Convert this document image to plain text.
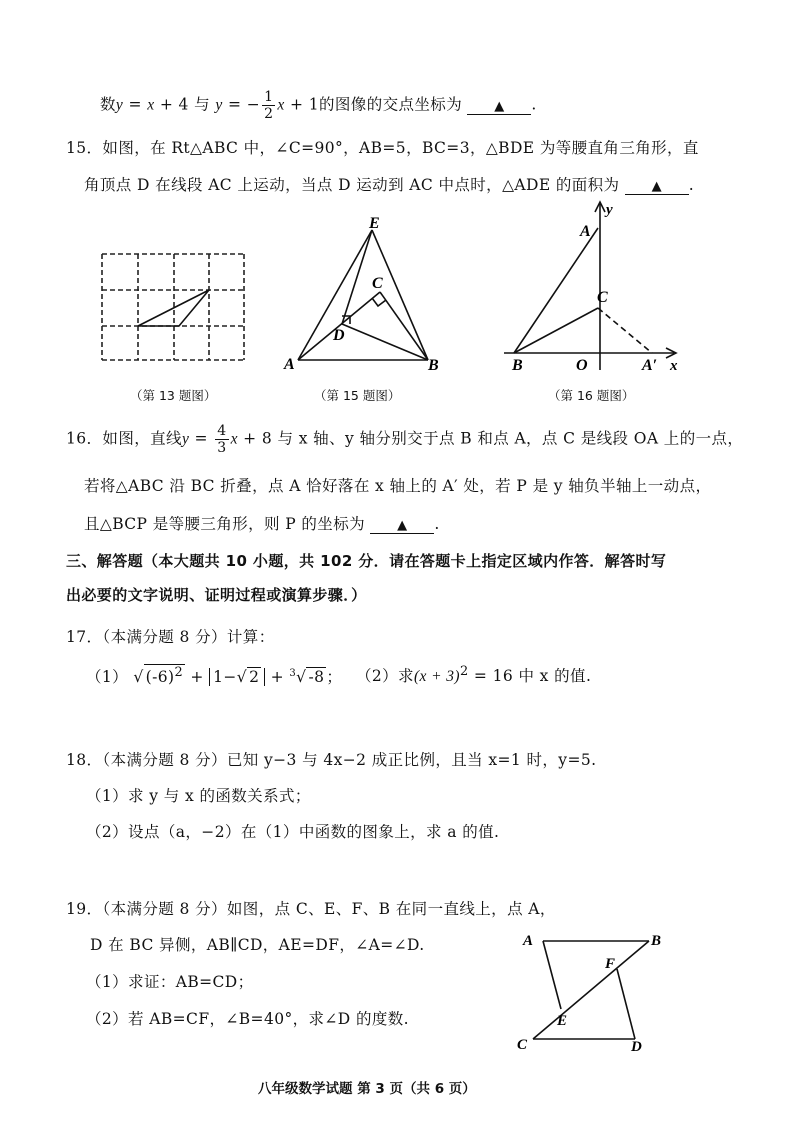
数y = x + 4 与 y = − $\frac{1}{2}$ x + 1的图像的交点坐标为 ▲ .
15．如图，在 Rt△ABC 中，∠C=90°，AB=5，BC=3，△BDE 为等腰直角三角形，直
角顶点 D 在线段 AC 上运动，当点 D 运动到 AC 中点时，△ADE 的面积为 ▲ .
（第 13 题图）
E
C
D
A	B
（第 15 题图）
y
A
C
B	O	A′ x
（第 16 题图）
16．如图，直线$y = \frac{4}{3}$ x + 8 与 x 轴、y 轴分别交于点 B 和点 A，点 C 是线段 OA 上的一点，
若将△ABC 沿 BC 折叠，点 A 恰好落在 x 轴上的 A′ 处，若 P 是 y 轴负半轴上一动点，
且△BCP 是等腰三角形，则 P 的坐标为 ▲ .
三、解答题（本大题共 10 小题，共 102 分．请在答题卡上指定区域内作答．解答时写
出必要的文字说明、证明过程或演算步骤．）
17．（本满分题 8 分）计算：
（1） √ $(-6)^2 + 1-√$ 2 + $^3$√ -8 ； （2）求$(x + 3)^2 = 16$ 中 x 的值.
18．（本满分题 8 分）已知 y−3 与 4x−2 成正比例，且当 x=1 时，y=5.
（1）求 y 与 x 的函数关系式；
（2）设点（a，−2）在（1）中函数的图象上，求 a 的值.
19．（本满分题 8 分）如图，点 C、E、F、B 在同一直线上，点 A，
D 在 BC 异侧，AB∥CD，AE=DF，∠A=∠D.
（1）求证：AB=CD；
（2）若 AB=CF，∠B=40°，求∠D 的度数.
A	B
F
E
C	D
八年级数学试题 第 3 页（共 6 页）
